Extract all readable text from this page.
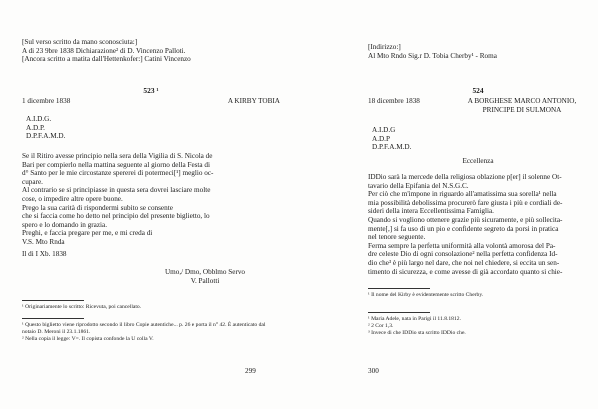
[Sul verso scritto da mano sconosciuta:]
A di 23 9bre 1838 Dichiarazione² di D. Vincenzo Palloti.
[Ancora scritto a matita dall'Hettenkofer:] Catini Vincenzo
523 ¹
1 dicembre 1838	A KIRBY TOBIA
A.I.D.G.
A.D.P.
D.P.F.A.M.D.
Se il Ritiro avesse principio nella sera della Vigilia di S. Nicola de
Bari per compierlo nella mattina seguente al giorno della Festa di
d° Santo per le mie circostanze spererei di potermeci[¹] meglio oc-
cupare.
Al contrario se si principiasse in questa sera dovrei lasciare molte
cose, o impedire altre opere buone.
Prego la sua carità di rispondermi subito se consente
che si faccia come ho detto nel principio del presente biglietto, lo
spero e lo domando in grazia.
Preghi, e faccia pregare per me, e mi creda di
V.S. Mto Rnda
Il di I Xb. 1838
Umo,/ Dmo, Obblmo Servo
V. Pallotti
¹ Originariamente lo scritto: Ricevuta, poi cancellato.
¹ Questo biglietto viene riprodotto secondo il libro Copie autentiche... p. 26 e porta il n° 42. È autenticato dal notaio D. Meroni il 23.1.1861.
² Nella copia il legge: V=. Il copista confonde la U colla V.
299
[Indirizzo:]
Al Mto Rndo Sig.r D. Tobia Cherby¹ - Roma
524
18 dicembre 1838	A BORGHESE MARCO ANTONIO,
PRINCIPE DI SULMONA
A.I.D.G
A.D.P
D.P.F.A.M.D.
Eccellenza
IDDio sarà la mercede della religiosa oblazione p[er] il solenne Ot-
tavario della Epifania del N.S.G.C.
Per ciò che m'impone in riguardo all'amatissima sua sorella¹ nella
mia possibilità debolissima procurerò fare giusta i più e cordiali de-
sideri della intera Eccellentissima Famiglia.
Quando si vogliono ottenere grazie più sicuramente, e più sollecita-
mente[,] si fa uso di un pio e confidente segreto da porsi in pratica
nel tenore seguente.
Ferma sempre la perfetta uniformità alla volontà amorosa del Pa-
dre celeste Dio di ogni consolazione² nella perfetta confidenza Id-
dio che³ è più largo nel dare, che noi nel chiedere, si eccita un sen-
timento di sicurezza, e come avesse di già accordato quanto si chie-
¹ Il nome del Kirby è evidentemente scritto Cherby.
¹ Maria Adele, nata in Parigi il 11.8.1812.
² 2 Cor 1,3.
³ Invece di che IDDio sta scritto IDDio che.
300
